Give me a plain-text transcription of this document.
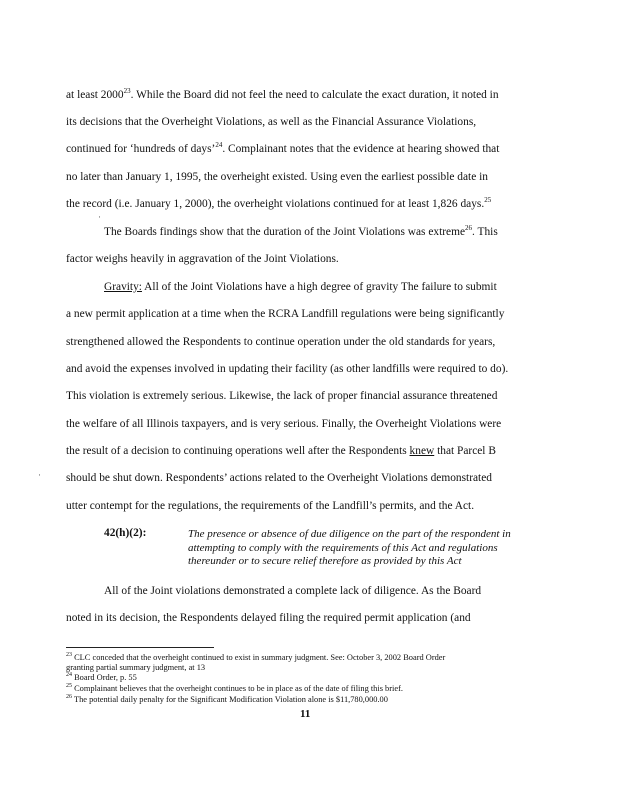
at least 2000$^{23}$. While the Board did not feel the need to calculate the exact duration, it noted in
its decisions that the Overheight Violations, as well as the Financial Assurance Violations,
continued for ‘hundreds of days’$^{24}$. Complainant notes that the evidence at hearing showed that
no later than January 1, 1995, the overheight existed. Using even the earliest possible date in
the record (i.e. January 1, 2000), the overheight violations continued for at least 1,826 days.$^{25}$
·
The Boards findings show that the duration of the Joint Violations was extreme$^{26}$. This
factor weighs heavily in aggravation of the Joint Violations.
Gravity: All of the Joint Violations have a high degree of gravity The failure to submit
a new permit application at a time when the RCRA Landfill regulations were being significantly
strengthened allowed the Respondents to continue operation under the old standards for years,
and avoid the expenses involved in updating their facility (as other landfills were required to do).
This violation is extremely serious. Likewise, the lack of proper financial assurance threatened
the welfare of all Illinois taxpayers, and is very serious. Finally, the Overheight Violations were
the result of a decision to continuing operations well after the Respondents knew that Parcel B
· should be shut down. Respondents’ actions related to the Overheight Violations demonstrated
utter contempt for the regulations, the requirements of the Landfill’s permits, and the Act.
42(h)(2):	The presence or absence of due diligence on the part of the respondent in attempting to comply with the requirements of this Act and regulations thereunder or to secure relief therefore as provided by this Act
All of the Joint violations demonstrated a complete lack of diligence. As the Board
noted in its decision, the Respondents delayed filing the required permit application (and
$^{23}$ CLC conceded that the overheight continued to exist in summary judgment. See: October 3, 2002 Board Order
granting partial summary judgment, at 13
$^{24}$ Board Order, p. 55
$^{25}$ Complainant believes that the overheight continues to be in place as of the date of filing this brief.
$^{26}$ The potential daily penalty for the Significant Modification Violation alone is $11,780,000.00
11
